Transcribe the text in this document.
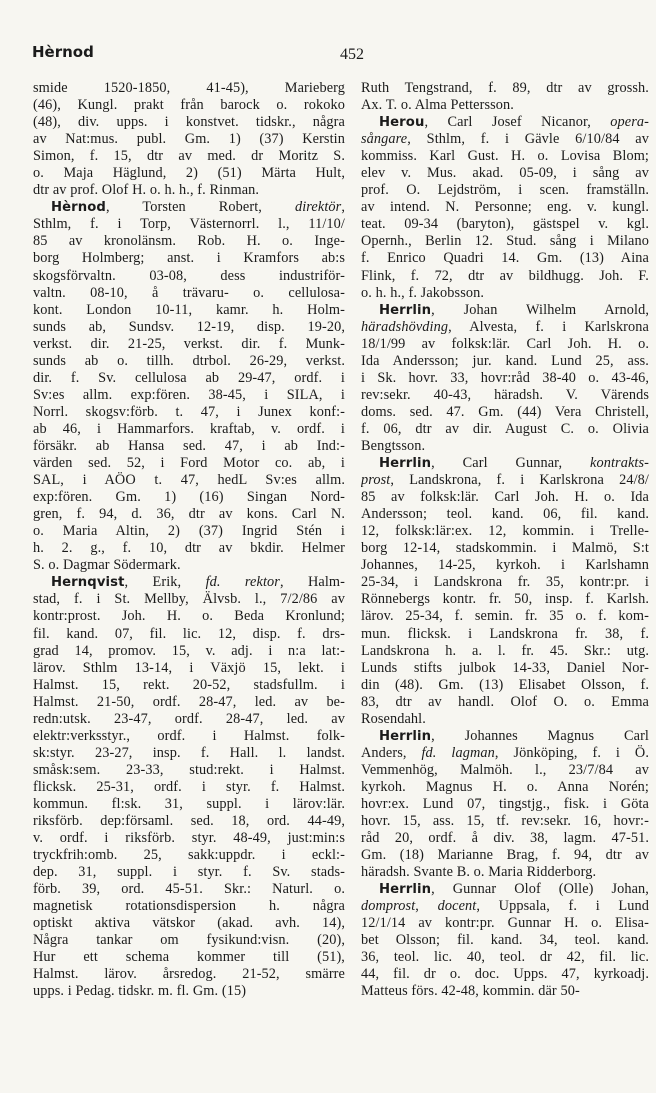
Hèrnod	452
smide 1520-1850, 41-45), Marieberg
(46), Kungl. prakt från barock o. rokoko
(48), div. upps. i konstvet. tidskr., några
av Nat:mus. publ. Gm. 1) (37) Kerstin
Simon, f. 15, dtr av med. dr Moritz S.
o. Maja Häglund, 2) (51) Märta Hult,
dtr av prof. Olof H. o. h. h., f. Rinman.
Hèrnod, Torsten Robert, direktör,
Sthlm, f. i Torp, Västernorrl. l., 11/10/
85 av kronolänsm. Rob. H. o. Inge-
borg Holmberg; anst. i Kramfors ab:s
skogsförvaltn. 03-08, dess industriför-
valtn. 08-10, å trävaru- o. cellulosa-
kont. London 10-11, kamr. h. Holm-
sunds ab, Sundsv. 12-19, disp. 19-20,
verkst. dir. 21-25, verkst. dir. f. Munk-
sunds ab o. tillh. dtrbol. 26-29, verkst.
dir. f. Sv. cellulosa ab 29-47, ordf. i
Sv:es allm. exp:fören. 38-45, i SILA, i
Norrl. skogsv:förb. t. 47, i Junex konf:-
ab 46, i Hammarfors. kraftab, v. ordf. i
försäkr. ab Hansa sed. 47, i ab Ind:-
värden sed. 52, i Ford Motor co. ab, i
SAL, i AÖO t. 47, hedL Sv:es allm.
exp:fören. Gm. 1) (16) Singan Nord-
gren, f. 94, d. 36, dtr av kons. Carl N.
o. Maria Altin, 2) (37) Ingrid Stén i
h. 2. g., f. 10, dtr av bkdir. Helmer
S. o. Dagmar Södermark.
Hernqvist, Erik, fd. rektor, Halm-
stad, f. i St. Mellby, Älvsb. l., 7/2/86 av
kontr:prost. Joh. H. o. Beda Kronlund;
fil. kand. 07, fil. lic. 12, disp. f. drs-
grad 14, promov. 15, v. adj. i n:a lat:-
lärov. Sthlm 13-14, i Växjö 15, lekt. i
Halmst. 15, rekt. 20-52, stadsfullm. i
Halmst. 21-50, ordf. 28-47, led. av be-
redn:utsk. 23-47, ordf. 28-47, led. av
elektr:verksstyr., ordf. i Halmst. folk-
sk:styr. 23-27, insp. f. Hall. l. landst.
småsk:sem. 23-33, stud:rekt. i Halmst.
flicksk. 25-31, ordf. i styr. f. Halmst.
kommun. fl:sk. 31, suppl. i lärov:lär.
riksförb. dep:församl. sed. 18, ord. 44-49,
v. ordf. i riksförb. styr. 48-49, just:min:s
tryckfrih:omb. 25, sakk:uppdr. i eckl:-
dep. 31, suppl. i styr. f. Sv. stads-
förb. 39, ord. 45-51. Skr.: Naturl. o.
magnetisk rotationsdispersion h. några
optiskt aktiva vätskor (akad. avh. 14),
Några tankar om fysikund:visn. (20),
Hur ett schema kommer till (51),
Halmst. lärov. årsredog. 21-52, smärre
upps. i Pedag. tidskr. m. fl. Gm. (15)
Ruth Tengstrand, f. 89, dtr av grossh.
Ax. T. o. Alma Pettersson.
Herou, Carl Josef Nicanor, opera-
sångare, Sthlm, f. i Gävle 6/10/84 av
kommiss. Karl Gust. H. o. Lovisa Blom;
elev v. Mus. akad. 05-09, i sång av
prof. O. Lejdström, i scen. framställn.
av intend. N. Personne; eng. v. kungl.
teat. 09-34 (baryton), gästspel v. kgl.
Opernh., Berlin 12. Stud. sång i Milano
f. Enrico Quadri 14. Gm. (13) Aina
Flink, f. 72, dtr av bildhugg. Joh. F.
o. h. h., f. Jakobsson.
Herrlin, Johan Wilhelm Arnold,
häradshövding, Alvesta, f. i Karlskrona
18/1/99 av folksk:lär. Carl Joh. H. o.
Ida Andersson; jur. kand. Lund 25, ass.
i Sk. hovr. 33, hovr:råd 38-40 o. 43-46,
rev:sekr. 40-43, häradsh. V. Värends
doms. sed. 47. Gm. (44) Vera Christell,
f. 06, dtr av dir. August C. o. Olivia
Bengtsson.
Herrlin, Carl Gunnar, kontrakts-
prost, Landskrona, f. i Karlskrona 24/8/
85 av folksk:lär. Carl Joh. H. o. Ida
Andersson; teol. kand. 06, fil. kand.
12, folksk:lär:ex. 12, kommin. i Trelle-
borg 12-14, stadskommin. i Malmö, S:t
Johannes, 14-25, kyrkoh. i Karlshamn
25-34, i Landskrona fr. 35, kontr:pr. i
Rönnebergs kontr. fr. 50, insp. f. Karlsh.
lärov. 25-34, f. semin. fr. 35 o. f. kom-
mun. flicksk. i Landskrona fr. 38, f.
Landskrona h. a. l. fr. 45. Skr.: utg.
Lunds stifts julbok 14-33, Daniel Nor-
din (48). Gm. (13) Elisabet Olsson, f.
83, dtr av handl. Olof O. o. Emma
Rosendahl.
Herrlin, Johannes Magnus Carl
Anders, fd. lagman, Jönköping, f. i Ö.
Vemmenhög, Malmöh. l., 23/7/84 av
kyrkoh. Magnus H. o. Anna Norén;
hovr:ex. Lund 07, tingstjg., fisk. i Göta
hovr. 15, ass. 15, tf. rev:sekr. 16, hovr:-
råd 20, ordf. å div. 38, lagm. 47-51.
Gm. (18) Marianne Brag, f. 94, dtr av
häradsh. Svante B. o. Maria Ridderborg.
Herrlin, Gunnar Olof (Olle) Johan,
domprost, docent, Uppsala, f. i Lund
12/1/14 av kontr:pr. Gunnar H. o. Elisa-
bet Olsson; fil. kand. 34, teol. kand.
36, teol. lic. 40, teol. dr 42, fil. lic.
44, fil. dr o. doc. Upps. 47, kyrkoadj.
Matteus förs. 42-48, kommin. där 50-
